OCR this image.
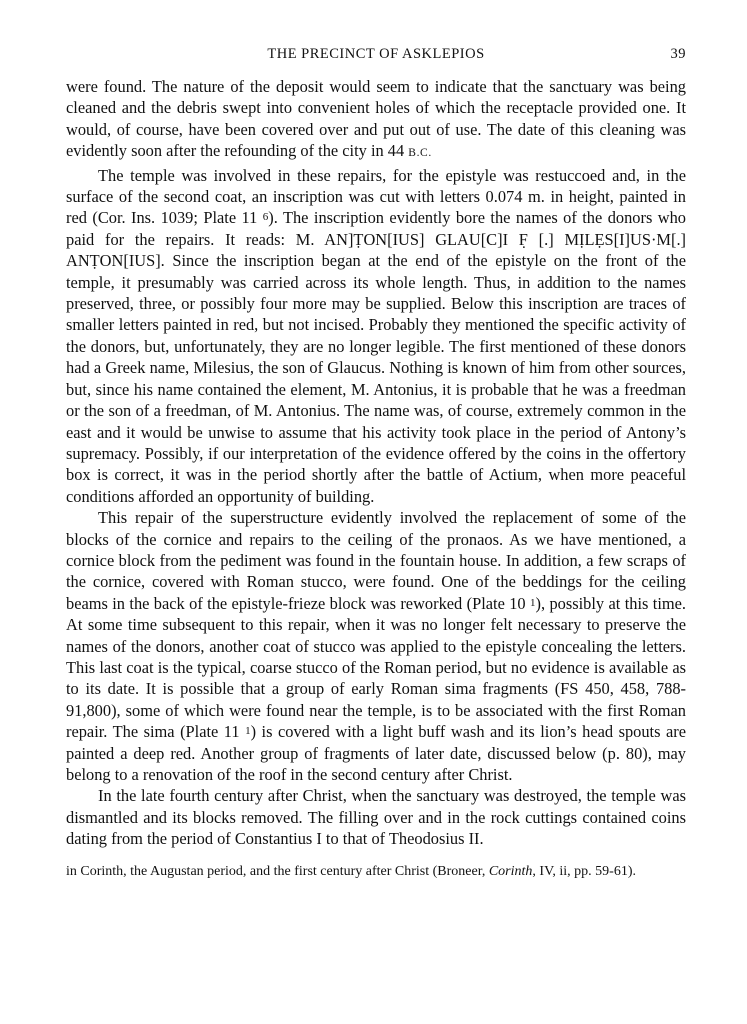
THE PRECINCT OF ASKLEPIOS	39

were found. The nature of the deposit would seem to indicate that the sanctuary was being cleaned and the debris swept into convenient holes of which the receptacle provided one. It would, of course, have been covered over and put out of use. The date of this cleaning was evidently soon after the refounding of the city in 44 B.C.

The temple was involved in these repairs, for the epistyle was restuccoed and, in the surface of the second coat, an inscription was cut with letters 0.074 m. in height, painted in red (Cor. Ins. 1039; Plate 11 $^6$). The inscription evidently bore the names of the donors who paid for the repairs. It reads: M. AN]ṬON[IUS] GLAU[C]I F̣ [.] MỊLẸS[I]US·M[.] ANṬON[IUS]. Since the inscription began at the end of the epistyle on the front of the temple, it presumably was carried across its whole length. Thus, in addition to the names preserved, three, or possibly four more may be supplied. Below this inscription are traces of smaller letters painted in red, but not incised. Probably they mentioned the specific activity of the donors, but, unfortunately, they are no longer legible. The first mentioned of these donors had a Greek name, Milesius, the son of Glaucus. Nothing is known of him from other sources, but, since his name contained the element, M. Antonius, it is probable that he was a freedman or the son of a freedman, of M. Antonius. The name was, of course, extremely common in the east and it would be unwise to assume that his activity took place in the period of Antony’s supremacy. Possibly, if our interpretation of the evidence offered by the coins in the offertory box is correct, it was in the period shortly after the battle of Actium, when more peaceful conditions afforded an opportunity of building.

This repair of the superstructure evidently involved the replacement of some of the blocks of the cornice and repairs to the ceiling of the pronaos. As we have mentioned, a cornice block from the pediment was found in the fountain house. In addition, a few scraps of the cornice, covered with Roman stucco, were found. One of the beddings for the ceiling beams in the back of the epistyle-frieze block was reworked (Plate 10 $^1$), possibly at this time. At some time subsequent to this repair, when it was no longer felt necessary to preserve the names of the donors, another coat of stucco was applied to the epistyle concealing the letters. This last coat is the typical, coarse stucco of the Roman period, but no evidence is available as to its date. It is possible that a group of early Roman sima fragments (FS 450, 458, 788-91,800), some of which were found near the temple, is to be associated with the first Roman repair. The sima (Plate 11 $^1$) is covered with a light buff wash and its lion’s head spouts are painted a deep red. Another group of fragments of later date, discussed below (p. 80), may belong to a renovation of the roof in the second century after Christ.

In the late fourth century after Christ, when the sanctuary was destroyed, the temple was dismantled and its blocks removed. The filling over and in the rock cuttings contained coins dating from the period of Constantius I to that of Theodosius II.

in Corinth, the Augustan period, and the first century after Christ (Broneer, Corinth, IV, ii, pp. 59-61).
